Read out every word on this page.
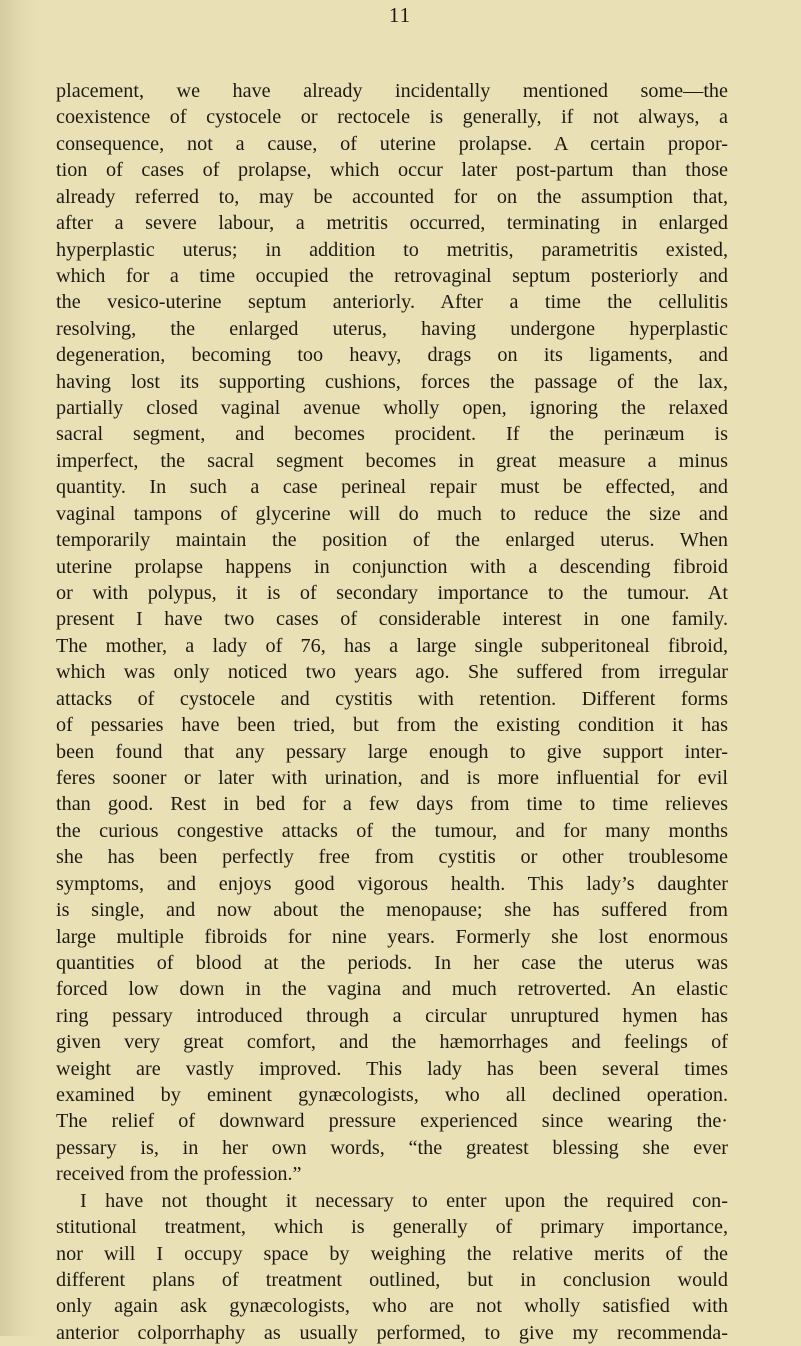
11
placement, we have already incidentally mentioned some—the
coexistence of cystocele or rectocele is generally, if not always, a
consequence, not a cause, of uterine prolapse. A certain propor-
tion of cases of prolapse, which occur later post-partum than those
already referred to, may be accounted for on the assumption that,
after a severe labour, a metritis occurred, terminating in enlarged
hyperplastic uterus; in addition to metritis, parametritis existed,
which for a time occupied the retrovaginal septum posteriorly and
the vesico-uterine septum anteriorly. After a time the cellulitis
resolving, the enlarged uterus, having undergone hyperplastic
degeneration, becoming too heavy, drags on its ligaments, and
having lost its supporting cushions, forces the passage of the lax,
partially closed vaginal avenue wholly open, ignoring the relaxed
sacral segment, and becomes procident. If the perinæum is
imperfect, the sacral segment becomes in great measure a minus
quantity. In such a case perineal repair must be effected, and
vaginal tampons of glycerine will do much to reduce the size and
temporarily maintain the position of the enlarged uterus. When
uterine prolapse happens in conjunction with a descending fibroid
or with polypus, it is of secondary importance to the tumour. At
present I have two cases of considerable interest in one family.
The mother, a lady of 76, has a large single subperitoneal fibroid,
which was only noticed two years ago. She suffered from irregular
attacks of cystocele and cystitis with retention. Different forms
of pessaries have been tried, but from the existing condition it has
been found that any pessary large enough to give support inter-
feres sooner or later with urination, and is more influential for evil
than good. Rest in bed for a few days from time to time relieves
the curious congestive attacks of the tumour, and for many months
she has been perfectly free from cystitis or other troublesome
symptoms, and enjoys good vigorous health. This lady’s daughter
is single, and now about the menopause; she has suffered from
large multiple fibroids for nine years. Formerly she lost enormous
quantities of blood at the periods. In her case the uterus was
forced low down in the vagina and much retroverted. An elastic
ring pessary introduced through a circular unruptured hymen has
given very great comfort, and the hæmorrhages and feelings of
weight are vastly improved. This lady has been several times
examined by eminent gynæcologists, who all declined operation.
The relief of downward pressure experienced since wearing the·
pessary is, in her own words, “the greatest blessing she ever
received from the profession.”
I have not thought it necessary to enter upon the required con-
stitutional treatment, which is generally of primary importance,
nor will I occupy space by weighing the relative merits of the
different plans of treatment outlined, but in conclusion would
only again ask gynæcologists, who are not wholly satisfied with
anterior colporrhaphy as usually performed, to give my recommenda-
